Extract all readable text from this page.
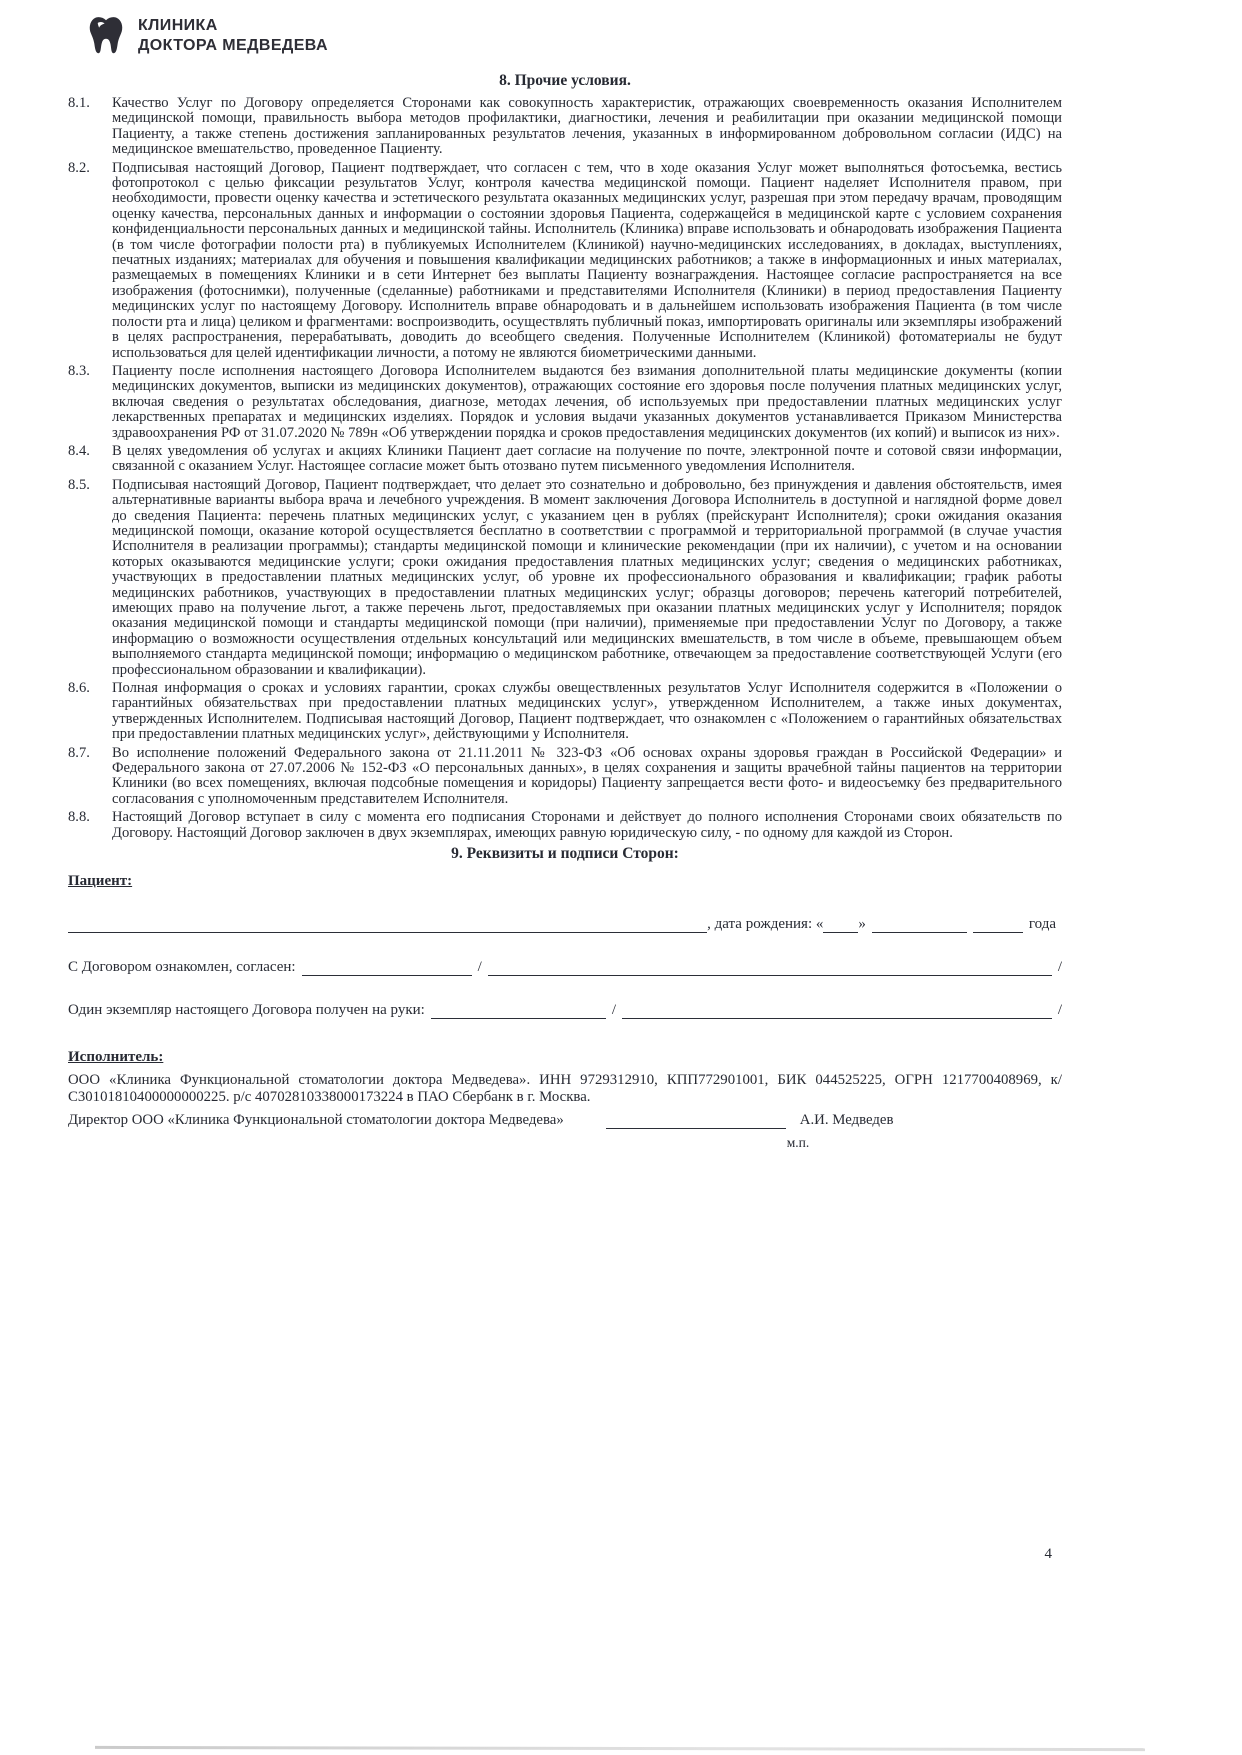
КЛИНИКА
ДОКТОРА МЕДВЕДЕВА
8. Прочие условия.
8.1.	Качество Услуг по Договору определяется Сторонами как совокупность характеристик, отражающих своевременность оказания Исполнителем медицинской помощи, правильность выбора методов профилактики, диагностики, лечения и реабилитации при оказании медицинской помощи Пациенту, а также степень достижения запланированных результатов лечения, указанных в информированном добровольном согласии (ИДС) на медицинское вмешательство, проведенное Пациенту.
8.2.	Подписывая настоящий Договор, Пациент подтверждает, что согласен с тем, что в ходе оказания Услуг может выполняться фотосъемка, вестись фотопротокол с целью фиксации результатов Услуг, контроля качества медицинской помощи. Пациент наделяет Исполнителя правом, при необходимости, провести оценку качества и эстетического результата оказанных медицинских услуг, разрешая при этом передачу врачам, проводящим оценку качества, персональных данных и информации о состоянии здоровья Пациента, содержащейся в медицинской карте с условием сохранения конфиденциальности персональных данных и медицинской тайны. Исполнитель (Клиника) вправе использовать и обнародовать изображения Пациента (в том числе фотографии полости рта) в публикуемых Исполнителем (Клиникой) научно-медицинских исследованиях, в докладах, выступлениях, печатных изданиях; материалах для обучения и повышения квалификации медицинских работников; а также в информационных и иных материалах, размещаемых в помещениях Клиники и в сети Интернет без выплаты Пациенту вознаграждения. Настоящее согласие распространяется на все изображения (фотоснимки), полученные (сделанные) работниками и представителями Исполнителя (Клиники) в период предоставления Пациенту медицинских услуг по настоящему Договору. Исполнитель вправе обнародовать и в дальнейшем использовать изображения Пациента (в том числе полости рта и лица) целиком и фрагментами: воспроизводить, осуществлять публичный показ, импортировать оригиналы или экземпляры изображений в целях распространения, перерабатывать, доводить до всеобщего сведения. Полученные Исполнителем (Клиникой) фотоматериалы не будут использоваться для целей идентификации личности, а потому не являются биометрическими данными.
8.3.	Пациенту после исполнения настоящего Договора Исполнителем выдаются без взимания дополнительной платы медицинские документы (копии медицинских документов, выписки из медицинских документов), отражающих состояние его здоровья после получения платных медицинских услуг, включая сведения о результатах обследования, диагнозе, методах лечения, об используемых при предоставлении платных медицинских услуг лекарственных препаратах и медицинских изделиях. Порядок и условия выдачи указанных документов устанавливается Приказом Министерства здравоохранения РФ от 31.07.2020 № 789н «Об утверждении порядка и сроков предоставления медицинских документов (их копий) и выписок из них».
8.4.	В целях уведомления об услугах и акциях Клиники Пациент дает согласие на получение по почте, электронной почте и сотовой связи информации, связанной с оказанием Услуг. Настоящее согласие может быть отозвано путем письменного уведомления Исполнителя.
8.5.	Подписывая настоящий Договор, Пациент подтверждает, что делает это сознательно и добровольно, без принуждения и давления обстоятельств, имея альтернативные варианты выбора врача и лечебного учреждения. В момент заключения Договора Исполнитель в доступной и наглядной форме довел до сведения Пациента: перечень платных медицинских услуг, с указанием цен в рублях (прейскурант Исполнителя); сроки ожидания оказания медицинской помощи, оказание которой осуществляется бесплатно в соответствии с программой и территориальной программой (в случае участия Исполнителя в реализации программы); стандарты медицинской помощи и клинические рекомендации (при их наличии), с учетом и на основании которых оказываются медицинские услуги; сроки ожидания предоставления платных медицинских услуг; сведения о медицинских работниках, участвующих в предоставлении платных медицинских услуг, об уровне их профессионального образования и квалификации; график работы медицинских работников, участвующих в предоставлении платных медицинских услуг; образцы договоров; перечень категорий потребителей, имеющих право на получение льгот, а также перечень льгот, предоставляемых при оказании платных медицинских услуг у Исполнителя; порядок оказания медицинской помощи и стандарты медицинской помощи (при наличии), применяемые при предоставлении Услуг по Договору, а также информацию о возможности осуществления отдельных консультаций или медицинских вмешательств, в том числе в объеме, превышающем объем выполняемого стандарта медицинской помощи; информацию о медицинском работнике, отвечающем за предоставление соответствующей Услуги (его профессиональном образовании и квалификации).
8.6.	Полная информация о сроках и условиях гарантии, сроках службы овеществленных результатов Услуг Исполнителя содержится в «Положении о гарантийных обязательствах при предоставлении платных медицинских услуг», утвержденном Исполнителем, а также иных документах, утвержденных Исполнителем. Подписывая настоящий Договор, Пациент подтверждает, что ознакомлен с «Положением о гарантийных обязательствах при предоставлении платных медицинских услуг», действующими у Исполнителя.
8.7.	Во исполнение положений Федерального закона от 21.11.2011 № 323-ФЗ «Об основах охраны здоровья граждан в Российской Федерации» и Федерального закона от 27.07.2006 № 152-ФЗ «О персональных данных», в целях сохранения и защиты врачебной тайны пациентов на территории Клиники (во всех помещениях, включая подсобные помещения и коридоры) Пациенту запрещается вести фото- и видеосъемку без предварительного согласования с уполномоченным представителем Исполнителя.
8.8.	Настоящий Договор вступает в силу с момента его подписания Сторонами и действует до полного исполнения Сторонами своих обязательств по Договору. Настоящий Договор заключен в двух экземплярах, имеющих равную юридическую силу, - по одному для каждой из Сторон.
9. Реквизиты и подписи Сторон:
Пациент:
, дата рождения: « »	года
С Договором ознакомлен, согласен:	/	/
Один экземпляр настоящего Договора получен на руки:	/	/
Исполнитель:

ООО «Клиника Функциональной стоматологии доктора Медведева». ИНН 9729312910, КПП772901001, БИК 044525225, ОГРН 1217700408969, к/С30101810400000000225. р/с 40702810338000173224 в ПАО Сбербанк в г. Москва.

Директор ООО «Клиника Функциональной стоматологии доктора Медведева»	А.И. Медведев
м.п.
4
